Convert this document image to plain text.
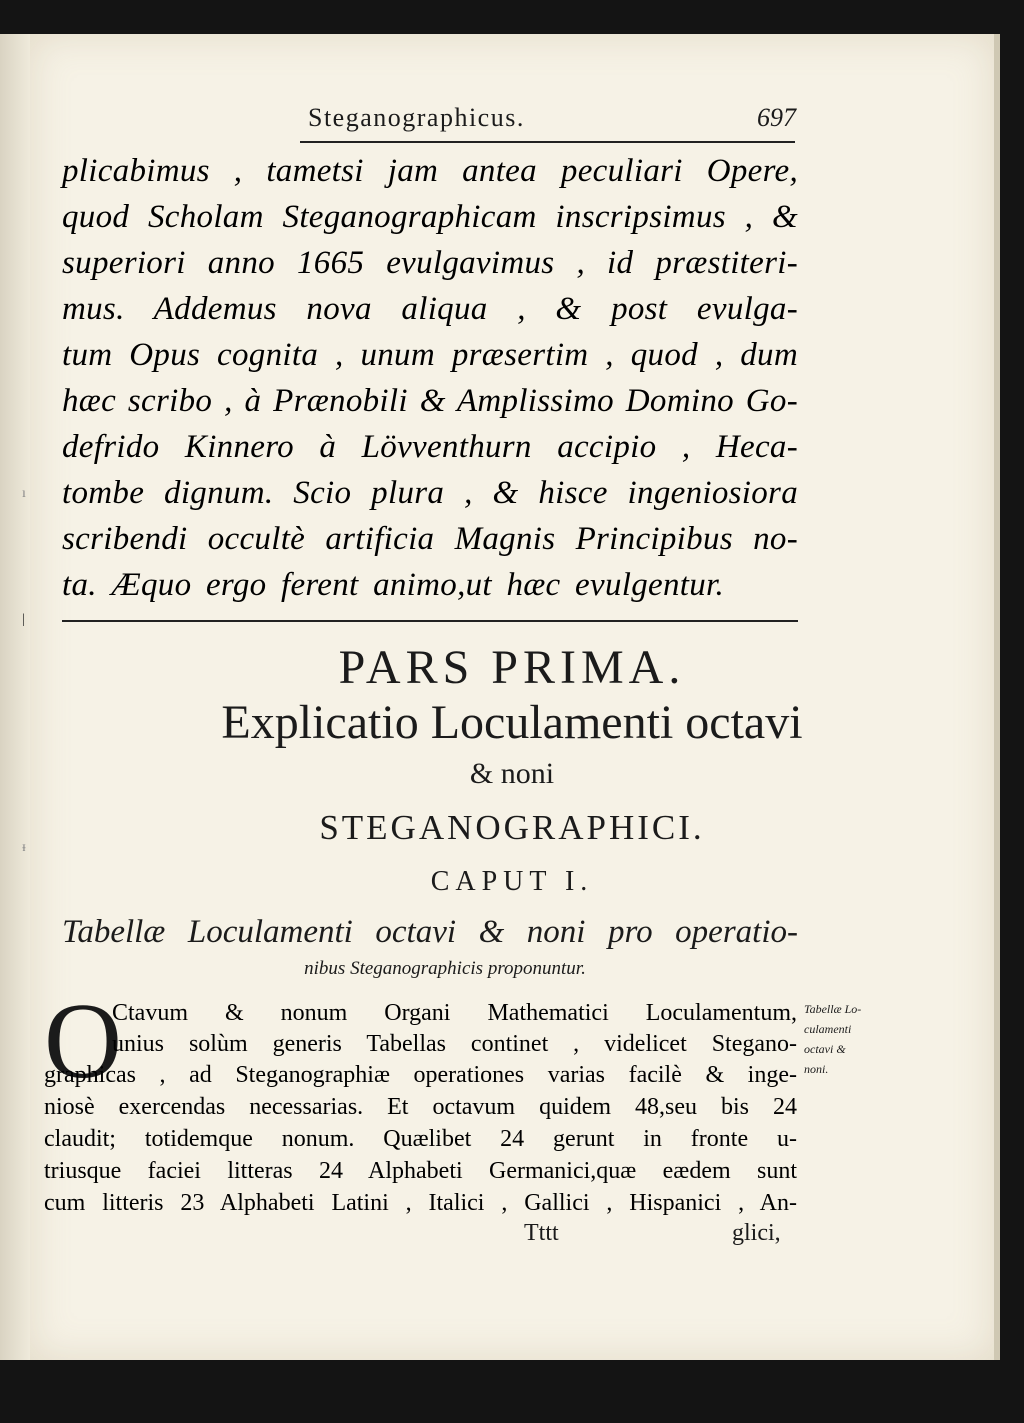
ı
|
ᵻ
Steganographicus.	697
plicabimus , tametsi jam antea peculiari Opere,
quod Scholam Steganographicam inscripsimus , &
superiori anno 1665 evulgavimus , id præstiteri-
mus. Addemus nova aliqua , & post evulga-
tum Opus cognita , unum præsertim , quod , dum
hæc scribo , à Prænobili & Amplissimo Domino Go-
defrido Kinnero à Lövventhurn accipio , Heca-
tombe dignum. Scio plura , & hisce ingeniosiora
scribendi occultè artificia Magnis Principibus no-
ta. Æquo ergo ferent animo,ut hæc evulgentur.
PARS PRIMA.
Explicatio Loculamenti octavi
& noni
STEGANOGRAPHICI.
CAPUT I.
Tabellæ Loculamenti octavi & noni pro operatio-
nibus Steganographicis proponuntur.
O
Ctavum & nonum Organi Mathematici Loculamentum,
unius solùm generis Tabellas continet , videlicet Stegano-
graphicas , ad Steganographiæ operationes varias facilè & inge-
niosè exercendas necessarias. Et octavum quidem 48,seu bis 24
claudit; totidemque nonum. Quælibet 24 gerunt in fronte u-
triusque faciei litteras 24 Alphabeti Germanici,quæ eædem sunt
cum litteris 23 Alphabeti Latini , Italici , Gallici , Hispanici , An-
Tttt	glici,
Tabellæ Lo-
culamenti
octavi &
noni.
